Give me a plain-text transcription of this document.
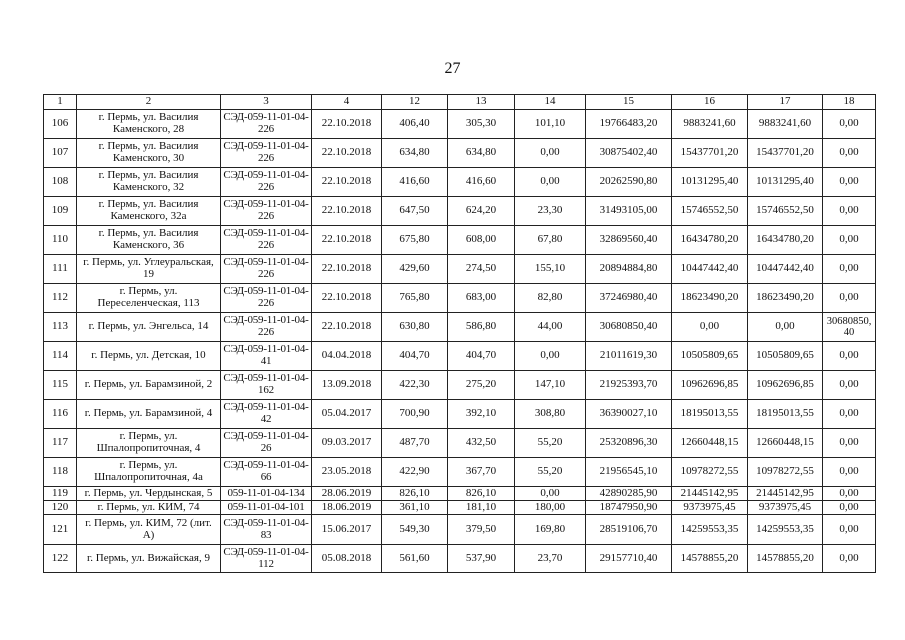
27
1	2	3	4	12	13	14	15	16	17	18
106	г. Пермь, ул. Василия Каменского, 28	СЭД-059-11-01-04-226	22.10.2018	406,40	305,30	101,10	19766483,20	9883241,60	9883241,60	0,00
107	г. Пермь, ул. Василия Каменского, 30	СЭД-059-11-01-04-226	22.10.2018	634,80	634,80	0,00	30875402,40	15437701,20	15437701,20	0,00
108	г. Пермь, ул. Василия Каменского, 32	СЭД-059-11-01-04-226	22.10.2018	416,60	416,60	0,00	20262590,80	10131295,40	10131295,40	0,00
109	г. Пермь, ул. Василия Каменского, 32а	СЭД-059-11-01-04-226	22.10.2018	647,50	624,20	23,30	31493105,00	15746552,50	15746552,50	0,00
110	г. Пермь, ул. Василия Каменского, 36	СЭД-059-11-01-04-226	22.10.2018	675,80	608,00	67,80	32869560,40	16434780,20	16434780,20	0,00
111	г. Пермь, ул. Углеуральская, 19	СЭД-059-11-01-04-226	22.10.2018	429,60	274,50	155,10	20894884,80	10447442,40	10447442,40	0,00
112	г. Пермь, ул. Переселенческая, 113	СЭД-059-11-01-04-226	22.10.2018	765,80	683,00	82,80	37246980,40	18623490,20	18623490,20	0,00
113	г. Пермь, ул. Энгельса, 14	СЭД-059-11-01-04-226	22.10.2018	630,80	586,80	44,00	30680850,40	0,00	0,00	30680850,40
114	г. Пермь, ул. Детская, 10	СЭД-059-11-01-04-41	04.04.2018	404,70	404,70	0,00	21011619,30	10505809,65	10505809,65	0,00
115	г. Пермь, ул. Барамзиной, 2	СЭД-059-11-01-04-162	13.09.2018	422,30	275,20	147,10	21925393,70	10962696,85	10962696,85	0,00
116	г. Пермь, ул. Барамзиной, 4	СЭД-059-11-01-04-42	05.04.2017	700,90	392,10	308,80	36390027,10	18195013,55	18195013,55	0,00
117	г. Пермь, ул. Шпалопропиточная, 4	СЭД-059-11-01-04-26	09.03.2017	487,70	432,50	55,20	25320896,30	12660448,15	12660448,15	0,00
118	г. Пермь, ул. Шпалопропиточная, 4а	СЭД-059-11-01-04-66	23.05.2018	422,90	367,70	55,20	21956545,10	10978272,55	10978272,55	0,00
119	г. Пермь, ул. Чердынская, 5	059-11-01-04-134	28.06.2019	826,10	826,10	0,00	42890285,90	21445142,95	21445142,95	0,00
120	г. Пермь, ул. КИМ, 74	059-11-01-04-101	18.06.2019	361,10	181,10	180,00	18747950,90	9373975,45	9373975,45	0,00
121	г. Пермь, ул. КИМ, 72 (лит. А)	СЭД-059-11-01-04-83	15.06.2017	549,30	379,50	169,80	28519106,70	14259553,35	14259553,35	0,00
122	г. Пермь, ул. Вижайская, 9	СЭД-059-11-01-04-112	05.08.2018	561,60	537,90	23,70	29157710,40	14578855,20	14578855,20	0,00
